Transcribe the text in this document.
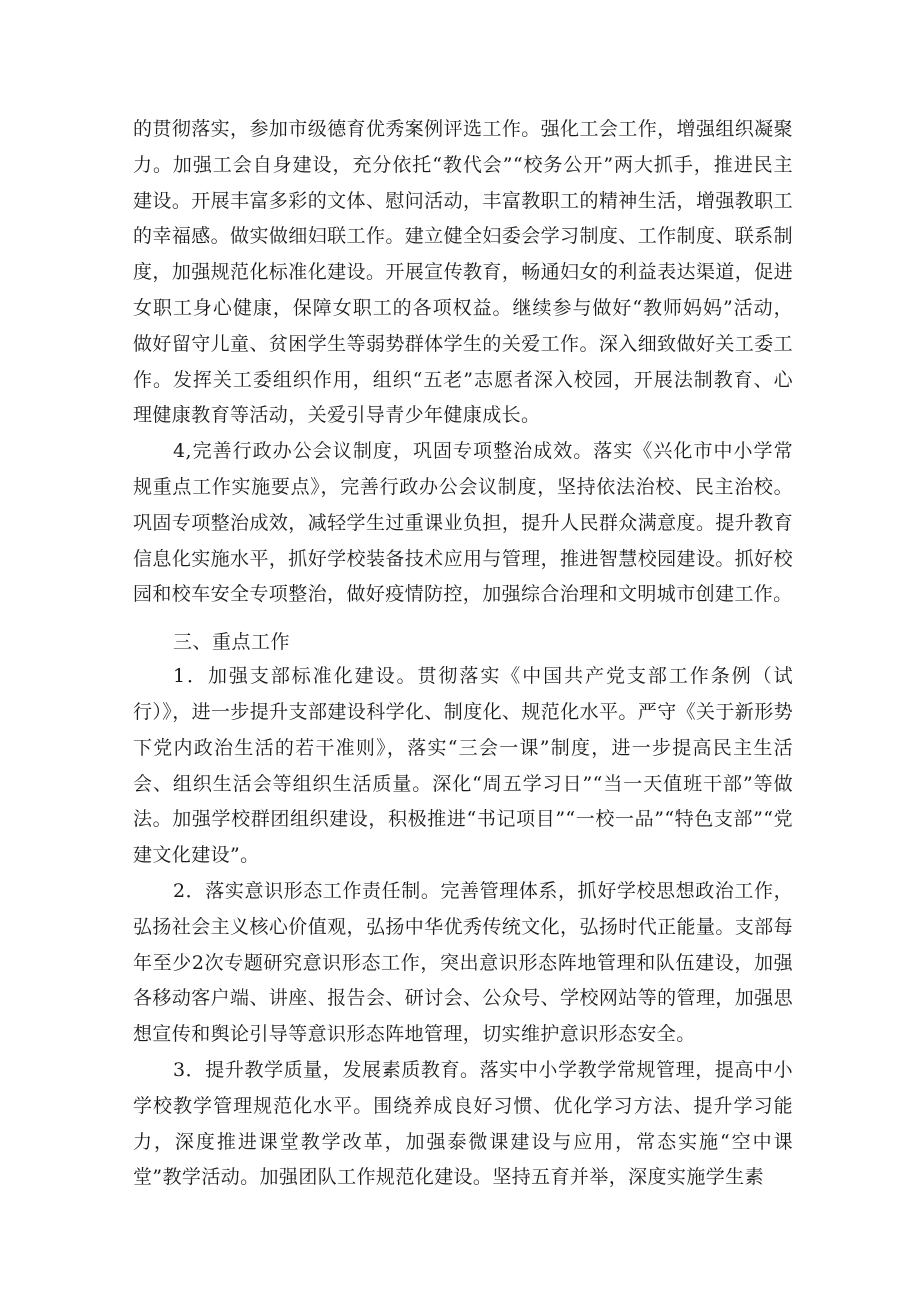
的贯彻落实，参加市级德育优秀案例评选工作。强化工会工作，增强组织凝聚力。加强工会自身建设，充分依托“教代会”“校务公开”两大抓手，推进民主建设。开展丰富多彩的文体、慰问活动，丰富教职工的精神生活，增强教职工的幸福感。做实做细妇联工作。建立健全妇委会学习制度、工作制度、联系制度，加强规范化标准化建设。开展宣传教育，畅通妇女的利益表达渠道，促进女职工身心健康，保障女职工的各项权益。继续参与做好“教师妈妈”活动，做好留守儿童、贫困学生等弱势群体学生的关爱工作。深入细致做好关工委工作。发挥关工委组织作用，组织“五老”志愿者深入校园，开展法制教育、心理健康教育等活动，关爱引导青少年健康成长。

4,完善行政办公会议制度，巩固专项整治成效。落实《兴化市中小学常规重点工作实施要点》，完善行政办公会议制度，坚持依法治校、民主治校。巩固专项整治成效，减轻学生过重课业负担，提升人民群众满意度。提升教育信息化实施水平，抓好学校装备技术应用与管理，推进智慧校园建设。抓好校园和校车安全专项整治，做好疫情防控，加强综合治理和文明城市创建工作。

三、重点工作

1．加强支部标准化建设。贯彻落实《中国共产党支部工作条例（试行）》，进一步提升支部建设科学化、制度化、规范化水平。严守《关于新形势下党内政治生活的若干准则》，落实“三会一课”制度，进一步提高民主生活会、组织生活会等组织生活质量。深化“周五学习日”“当一天值班干部”等做法。加强学校群团组织建设，积极推进“书记项目”“一校一品”“特色支部”“党建文化建设”。

2．落实意识形态工作责任制。完善管理体系，抓好学校思想政治工作，弘扬社会主义核心价值观，弘扬中华优秀传统文化，弘扬时代正能量。支部每年至少2次专题研究意识形态工作，突出意识形态阵地管理和队伍建设，加强各移动客户端、讲座、报告会、研讨会、公众号、学校网站等的管理，加强思想宣传和舆论引导等意识形态阵地管理，切实维护意识形态安全。

3．提升教学质量，发展素质教育。落实中小学教学常规管理，提高中小学校教学管理规范化水平。围绕养成良好习惯、优化学习方法、提升学习能力，深度推进课堂教学改革，加强泰微课建设与应用，常态实施“空中课堂”教学活动。加强团队工作规范化建设。坚持五育并举，深度实施学生素
